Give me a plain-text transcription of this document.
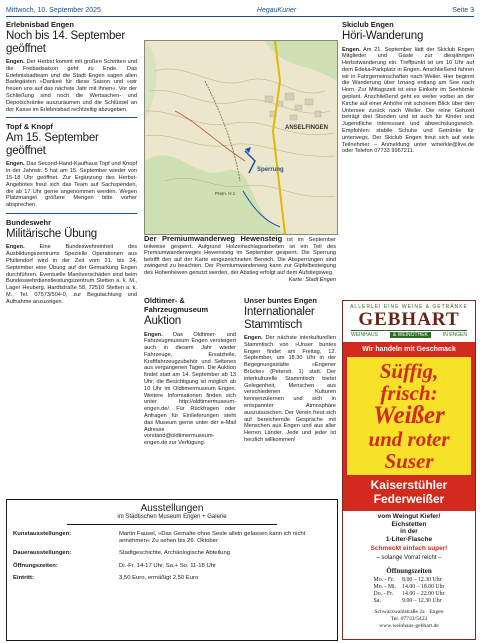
Mittwoch, 10. September 2025	HegauKurier	Seite 3
Erlebnisbad Engen
Noch bis 14. September geöffnet

Engen. Der Herbst kommt mit großen Schritten und die Freibadsaison geht zu Ende. Das Erlebnisbadteam und die Stadt Engen sagen allen Badegästen »Dankeé für diese Saison und »wir freuen uns auf das nächste Jahr mit Ihnen«. Vor der Schließung sind noch die Wertsachen- und Depotschränke auszuräumen und die Schlüssel an der Kasse im Erlebnisbad rechtzeitig abzugeben.

Topf & Knopf
Am 15. September geöffnet

Engen. Das Second-Hand-Kaufhaus Topf und Knopf in der Jahnstr. 5 hat am 15. September wieder von 15-18 Uhr geöffnet. Zur Ergänzung des Herbst-Angebotes freut sich das Team auf Sachspenden, die ab 17 Uhr gerne angenommen werden. Wegen Platzmangel größere Mengen bitte vorher absprechen.

Bundeswehr
Militärische Übung

Engen.	Eine Bundeswehreinheit des Ausbildungszentrums Spezielle Operationen aus Pfullendorf wird in der Zeit vom 21. bis 24. September eine Übung auf der Gemarkung Engen durchführen. Eventuelle Manöverschäden sind beim Bundeswehrdienstleistungszentrum Stetten a. k. M., Lager Heuberg, Hardtstraße 58, 72510 Stetten a. k. M., Tel. 07573/504-0, zur Begutachtung und Aufnahme anzuzeigen.

ANSELFINGEN
Sperrung
Prem. H 1
Der Premiumwanderweg Hewensteig ist im September teilweise gesperrt. Aufgrund Holzeinschlagsarbeiten ist ein Teil des Premiumwanderweges Hewensteig im September gesperrt. Die Sperrung betrifft den auf der Karte eingezeichneten Bereich. Die Absperrungen sind zwingend zu beachten. Der Premiumwanderweg kann zur Gipfelbesteigung des Hohenhewen genutzt werden, der Abstieg erfolgt auf dem Aufstiegsweg.
Karte: Stadt Engen
Oldtimer- & Fahrzeugmuseum
Auktion

Engen. Das Oldtimer- und Fahrzeugmuseum Engen versteigert auch in diesem Jahr wieder Fahrzeuge, Ersatzteile, Kraftfahrzeugzubehör und Seltenes aus vergangenen Tagen. Die Auktion findet statt am 14. September ab 13 Uhr, die Besichtigung ist möglich ab 10 Uhr im Oldtimermuseum Engen. Weitere Informationen finden sich unter http://oldtimermuseum-engen.de/. Für Rückfragen oder Anfragen für Einlieferungen steht das Museum gerne unter der e-Mail Adresse vorstand@oldtimermuseum-engen.de zur Verfügung.

Unser buntes Engen
Internationaler Stammtisch

Engen. Der nächste interkulturellen Stammtisch von »Unser buntes Engen findet am Freitag, 12. September, um 18.30 Uhr in der Begegnungsstätte »Engener Brücke« (Peterstr. 1) statt. Der interkulturelle Stammtisch bietet Gelegenheit, Menschen aus verschiedenen Kulturen kennenzulernen und sich in entspannter Atmosphäre auszutauschen. Der Verein freut sich auf bereichernde Gespräche mit Menschen aus Engen und aus aller Herren Länder. Jede und jeder ist herzlich willkommen!

Skiclub Engen
Höri-Wanderung

Engen. Am 21. September lädt der Skiclub Engen Mitglieder und Gäste zur diesjährigen Herbstwanderung ein. Treffpunkt ist um 10 Uhr auf dem Edeka-Parkplatz in Engen. Anschließend fahren wir in Fahrgemeinschaften nach Weiler. Hier beginnt die Wanderung über Iznang entlang am See nach Horn. Zur Mittagszeit ist eine Einkehr im Seehörnle geplant. Anschließend geht es weiter vorbei an der Kirche auf einer Anhöhe mit schönem Blick über den Untersee zurück nach Weiler. Die reine Gehzeit beträgt drei Stunden und ist auch für Kinder und Jugendliche interessant und abwechslungsreich. Empfohlen: stabile Schuhe und Getränke für unterwegs. Der Skiclub Engen freut sich auf viele Teilnehmer – Anmeldung unter wmerkle@live.de oder Telefon 07733 9967211.

ALLERLEI EINE WEINE & GETRÄNKE
GEBHART
WEINHAUS	& WEINOTHEK	IN ENGEN
Wir handeln mit Geschmack
Süffig,
frisch:
Weißer
und roter
Suser
Kaiserstühler
Federweißer
vom Weingut Kiefer/
Eichstetten
in der
1-Liter-Flasche
Schmeckt einfach super!
– solange Vorrat reicht –
Öffnungszeiten
Mo. - Fr.	8.00 – 12.30 Uhr
Mo. - Mi.	14.00 – 18.00 Uhr
Do. - Fr.	14.00 – 22.00 Uhr
Sa.	9.00 – 12.30 Uhr
Schwarzwaldstraße 2a · Engen
Tel. 07733/5422
www.weinhaus-gebhart.de
Ausstellungen
im Städtischen Museum Engen + Galerie
Kunstausstellungen:	Martin Fausel, »Das Gemalte ohne Seele allein gelassen kann ich nicht annehmen« Zu sehen bis 26. Oktober
Dauerausstellungen:	Stadtgeschichte, Archäologische Abteilung
Öffnungszeiten:	Di.-Fr. 14-17 Uhr, Sa.+ So. 11-18 Uhr
Eintritt:	3,50 Euro, ermäßigt 2,50 Euro
